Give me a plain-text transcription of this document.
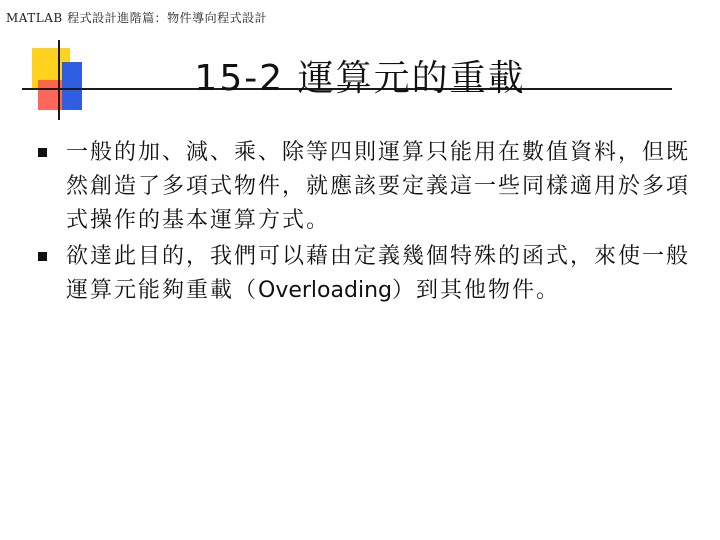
MATLAB 程式設計進階篇：物件導向程式設計
15-2 運算元的重載
一般的加、減、乘、除等四則運算只能用在數值資料，但既然創造了多項式物件，就應該要定義這一些同樣適用於多項式操作的基本運算方式。
欲達此目的，我們可以藉由定義幾個特殊的函式，來使一般運算元能夠重載（Overloading）到其他物件。
